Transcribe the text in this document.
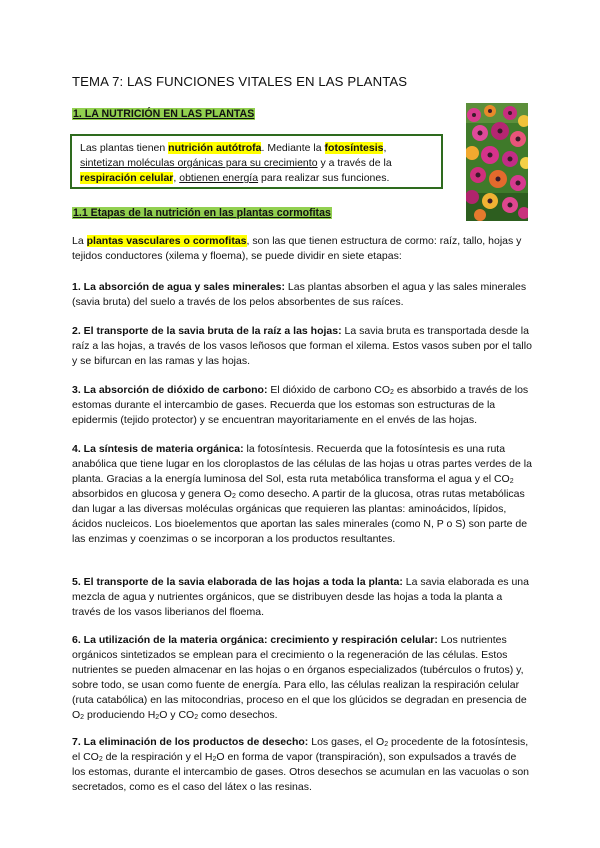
TEMA 7: LAS FUNCIONES VITALES EN LAS PLANTAS
1. LA NUTRICIÓN EN LAS PLANTAS
Las plantas tienen nutrición autótrofa. Mediante la fotosíntesis,
sintetizan moléculas orgánicas para su crecimiento y a través de la
respiración celular, obtienen energía para realizar sus funciones.
1.1 Etapas de la nutrición en las plantas cormofitas
La plantas vasculares o cormofitas, son las que tienen estructura de cormo: raíz, tallo, hojas y tejidos conductores (xilema y floema), se puede dividir en siete etapas:
1. La absorción de agua y sales minerales: Las plantas absorben el agua y las sales minerales (savia bruta) del suelo a través de los pelos absorbentes de sus raíces.
2. El transporte de la savia bruta de la raíz a las hojas: La savia bruta es transportada desde la raíz a las hojas, a través de los vasos leñosos que forman el xilema. Estos vasos suben por el tallo y se bifurcan en las ramas y las hojas.
3. La absorción de dióxido de carbono: El dióxido de carbono $CO_2$ es absorbido a través de los estomas durante el intercambio de gases. Recuerda que los estomas son estructuras de la epidermis (tejido protector) y se encuentran mayoritariamente en el envés de las hojas.
4. La síntesis de materia orgánica: la fotosíntesis. Recuerda que la fotosíntesis es una ruta anabólica que tiene lugar en los cloroplastos de las células de las hojas u otras partes verdes de la planta. Gracias a la energía luminosa del Sol, esta ruta metabólica transforma el agua y el $CO_2$ absorbidos en glucosa y genera $O_2$ como desecho. A partir de la glucosa, otras rutas metabólicas dan lugar a las diversas moléculas orgánicas que requieren las plantas: aminoácidos, lípidos, ácidos nucleicos. Los bioelementos que aportan las sales minerales (como N, P o S) son parte de las enzimas y coenzimas o se incorporan a los productos resultantes.
5. El transporte de la savia elaborada de las hojas a toda la planta: La savia elaborada es una mezcla de agua y nutrientes orgánicos, que se distribuyen desde las hojas a toda la planta a través de los vasos liberianos del floema.
6. La utilización de la materia orgánica: crecimiento y respiración celular: Los nutrientes orgánicos sintetizados se emplean para el crecimiento o la regeneración de las células. Estos nutrientes se pueden almacenar en las hojas o en órganos especializados (tubérculos o frutos) y, sobre todo, se usan como fuente de energía. Para ello, las células realizan la respiración celular (ruta catabólica) en las mitocondrias, proceso en el que los glúcidos se degradan en presencia de $O_2$ produciendo $H_2O$ y $CO_2$ como desechos.
7. La eliminación de los productos de desecho: Los gases, el $O_2$ procedente de la fotosíntesis, el $CO_2$ de la respiración y el $H_2O$ en forma de vapor (transpiración), son expulsados a través de los estomas, durante el intercambio de gases. Otros desechos se acumulan en las vacuolas o son secretados, como es el caso del látex o las resinas.
